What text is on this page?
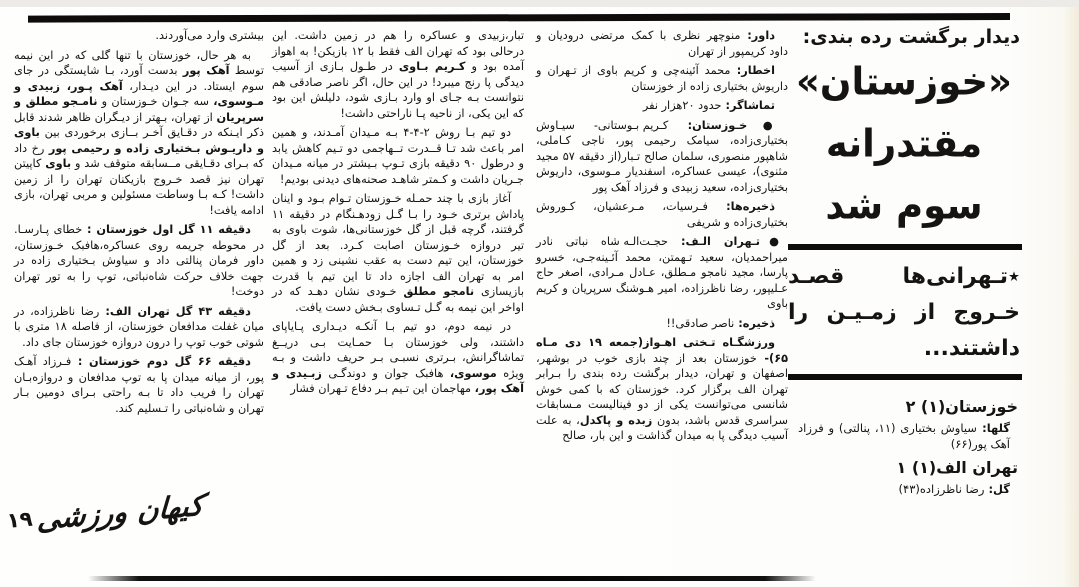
دیدار برگشت رده بندی:
«خوزستان»
مقتدرانه
سوم شد
٭تـهرانی‌ها قصـد
خـروج از زمـیـن را
داشتند...
خوزستان(۱) ۲
گلها: سیاوش بختیاری (۱۱، پنالتی) و فرزاد آهک پور(۶۶)
تهران الف(۱) ۱
گل: رضا ناظرزاده(۴۳)

داور: منوچهر نظری با کمک مرتضی درودیان و داود کریمپور از تهران

اخطار: محمد آئینه‌چی و کریم باوی از تـهران و داریوش بختیاری زاده از خوزستان

تماشاگر: حدود ۲۰هزار نفر

●خـوزستان: کـریم بـوستانی- سیـاوش بختیاری‌زاده، سیامک رحیمی پور، ناجی کـاملی، شاهپور منصوری، سلمان صالح تـبار(از دقیقه ۵۷ مجید مثنوی)، عیسی عساکره، اسفندیار مـوسوی، داریوش بختیاری‌زاده، سعید زبیدی و فرزاد آهک پور

ذخیره‌ها: فـرسیات، مـرعشیان، کـوروش بختیاری‌زاده و شریفی

●تـهران الـف: حجـت‌الـه شاه نباتی نادر میراحمدیان، سعید تـهمتن، محمد آئـینه‌جـی، خسرو پارسا، مجید نامجو مـطلق، عـادل مـرادی، اصغر حاج عـلیپور، رضا ناظرزاده، امیر هـوشنگ سرپریان و کریم باوی

ذخیره: ناصر صادقی!!

ورزشگـاه تـختی اهـواز(جمعه ۱۹ دی مـاه ۶۵)- خوزستان بعد از چند بازی خوب در بوشهر، اصفهان و تهران، دیدار برگشت رده بندی را بـرابر تهران الف برگزار کرد. خوزستان که با کمی خوش شانسی می‌توانست یکی از دو فینالیست مـسابقات سراسری قدس باشد، بدون زبده و پاکدل، به علت آسیب دیدگی پا به میدان گذاشت و این بار، صالح

تبار،زبیدی و عساکره را هم در زمین داشت. این درحالی بود که تهران الف فقط با ۱۲ بازیکن! به اهواز آمده بود و کـریم بـاوی در طـول بـازی از آسیب دیدگی پا رنج میبرد! در این حال، اگر ناصر صادقی هم نتوانست بـه جـای او وارد بـازی شود، دلیلش این بود که این یکی، از ناحیه پـا ناراحتی داشت!

دو تیم بـا روش ۲-‏۴-‏۴ بـه مـیدان آمـدند، و همین امر باعث شد تـا قــدرت تــهاجمی دو تـیم کاهش یابد و درطول ۹۰ دقیقه بازی تـوپ بـیشتر در میانه مـیدان جـریان داشت و کـمتر شاهـد صحنه‌های دیدنی بودیم!

آغاز بازی با چند حمـله خـوزستان تـوام بـود و اینان پاداش برتری خـود را بـا گـل زودهـنگام در دقیقه ۱۱ گرفتند، گرچه قبل از گل خوزستانی‌ها، شوت باوی به تیر دروازه خـوزستان اصابت کـرد. بعد از گل خوزستان، این تیم دست به عقب نشینی زد و همین امر به تهران الف اجازه داد تا این تیم با قدرت بازیسازی نامجو مطلق خـودی نشان دهـد که در اواخر این نیمه به گـل تـساوی بـخش دست یافت.

در نیمه دوم، دو تیم بـا آنکـه دیـداری پـایاپای داشتند، ولی خوزستان بـا حمـایت بـی دریــغ تماشاگرانش، بـرتری نسبـی بـر حریف داشت و بـه ویژه موسوی، هافبک جوان و دوندگـی زبـیدی و آهک پور، مهاجمان این تـیم بـر دفاع تـهران فشار

بیشتری وارد می‌آوردند.

به هر حال، خوزستان با تنها گلی که در این نیمه توسط آهک پور بدست آورد، بـا شایستگی در جای سوم ایستاد. در این دیـدار، آهک پـور، زبیدی و مـوسوی، سه جـوان خـوزستان و نامـجو مطلق و سرپریان از تهران، بـهتر از دیـگران ظاهر شدند قابل ذکر ایـنکه در دقـایق آخـر بــازی برخوردی بین باوی و داریـوش بـختیاری زاده و رحیمی پور رخ داد که بـرای دقـایقی مــسابقه متوقف شد و باوی کاپیتن تهران نیز قصد خـروج بازیکنان تهران را از زمین داشت! کـه بـا وساطت مسئولین و مربی تهران، بازی ادامه یافت!

دقیقه ۱۱ گل اول خوزستان : خطای پـارسـا. در محوطه جریمه روی عساکره،هافبک خـوزستان، داور فرمان پنالتی داد و سیاوش بـختیاری زاده در جهت خلاف حرکت شاه‌نباتی، توپ را به تور تهران دوخت!

دقیقه ۴۳ گل تهران الف: رضا ناظرزاده، در میان غفلت مدافعان خوزستان، از فاصله ۱۸ متری با شوتی خوب توپ را درون دروازه خوزستان جای داد.

دقیقه ۶۶ گل دوم خوزستان : فـرزاد آهـک پور، از میانه میدان پا به توپ مدافعان و دروازه‌بـان تهران را فریب داد تا بـه راحتی بـرای دومین بـار تهران و شاه‌نباتی را تـسلیم کند.

کیهان ورزشی ۱۹
